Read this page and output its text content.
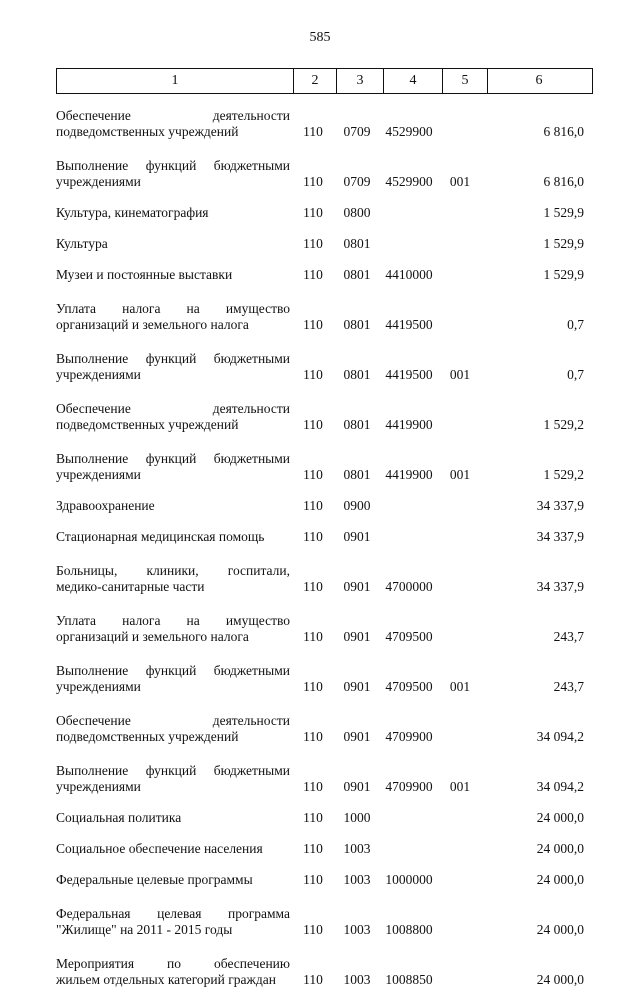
585
1	2	3	4	5	6
Обеспечение деятельности
подведомственных учреждений	110	0709	4529900		6 816,0

Выполнение функций бюджетными
учреждениями	110	0709	4529900	001	6 816,0

Культура, кинематография	110	0800			1 529,9

Культура	110	0801			1 529,9

Музеи и постоянные выставки	110	0801	4410000		1 529,9

Уплата налога на имущество
организаций и земельного налога	110	0801	4419500		0,7

Выполнение функций бюджетными
учреждениями	110	0801	4419500	001	0,7

Обеспечение деятельности
подведомственных учреждений	110	0801	4419900		1 529,2

Выполнение функций бюджетными
учреждениями	110	0801	4419900	001	1 529,2

Здравоохранение	110	0900			34 337,9

Стационарная медицинская помощь	110	0901			34 337,9

Больницы, клиники, госпитали,
медико-санитарные части	110	0901	4700000		34 337,9

Уплата налога на имущество
организаций и земельного налога	110	0901	4709500		243,7

Выполнение функций бюджетными
учреждениями	110	0901	4709500	001	243,7

Обеспечение деятельности
подведомственных учреждений	110	0901	4709900		34 094,2

Выполнение функций бюджетными
учреждениями	110	0901	4709900	001	34 094,2

Социальная политика	110	1000			24 000,0

Социальное обеспечение населения	110	1003			24 000,0

Федеральные целевые программы	110	1003	1000000		24 000,0

Федеральная целевая программа
"Жилище" на 2011 - 2015 годы	110	1003	1008800		24 000,0

Мероприятия по обеспечению
жильем отдельных категорий граждан	110	1003	1008850		24 000,0
